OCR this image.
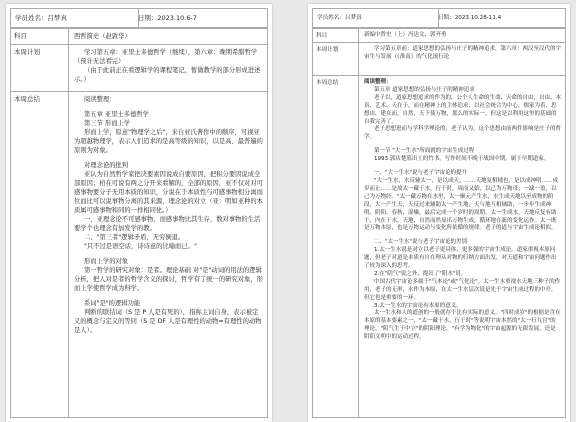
学员姓名：吕梦真	日期：2023.10.6-7
科目	西哲简史（赵敦华）
本周计划	学习第五章：亚里士多德哲学（继续），第六章：晚期希腊哲学（预计无法看完）

（由于此前正在看逻辑学的课程笔记，暂做教学的部分形成进述示。）

本周总结	阅读整理：

第五章 亚里士多德哲学

第三节 形而上学

形而上学，原意"物理学之后"，来自亚氏著作中的顺序，可视亚为超越物理学，表示人们追求的是高等级的知识，以是高、最普遍的原则为对象。

对理念论的批判

亚认为自然哲学家把决要素因说成自要原因，把积分要因说成全部原因；柏在可说有两之分开来看解的，全部的原因，亚不仅对对可感事物要分子无用本质的知识，分说在于本质性与可感事物相分离而位而比可以说事物分离的其来源，理念论的对立（亚：明如亚种的本质属可感事物和同的一样相同化。）

一、亚理念论不可感事物，而感事物比其生存，数对事物的生活要学个也理念有加发学的教。

二、"第三者"逻辑矛盾，无穷倒退。

"只不过是语空话，诗诗意的比喻而已。"

形而上学的对象

第一哲学的研究对象：是者。理论基础 对"是"动词的用法的逻辑分析，把人对是者的哲学含义的探讨，哲学有了统一的研究对象，形而上学使哲学成为科学。

系词"是"的逻辑功能

判断的联结词（S 是 P 人是有死的），指称主词自身，表示被定义的概念与定义的等同（S 是 DF 人是有理性的动物=有理性的动物是人）。

学员姓名：吕梦真	日期：2023.10.28-11.4
科目	新编中哲史（上）冯达文、郭齐勇
本周计划	学习第五章前：道家思想的弘扬与庄子的精神追求，第六章：两汉至汉代的宇宙生与发展（《淮南》的气化流行论

本周总结	阅读整理：

第五章 道家思想的弘扬与庄子的精神追求

老子以，道家思想追求的作为的，公个人生命的生命、天命的自由，自由、本真、艺术、天在于，而在精神上的主体追求；以社会统合为中心，儒家为着，思想由，建在而，自然，天下使万物，那么的实际一，但这是以利用这里的基础的自我完善了。

老子思想进而与学科学理论的，老子认为，这个思想由前两件影响是庄子的哲学。

第一节 "大一生水"所面就的宇宙生成过程

1993 郭店楚墓出土的竹书，写作时间不晚于战国中期，属于早期道家。

一、"大一生水"说与老子宇宙论的提升

"大一生水，水反辅太一，是以成天。……天地复相辅也，是以成神明……成岁而止……是故太一藏于水，行于时，周而又始，以己为万物母；一缺一盈，以己为万物经。"太一藏万物在水里，太一顺元产生水，水生成天地以至成物的阶段，大一产生天，天反过来辅助太一产生地，天与地互相辅助，一步步生成神明、阴阳、春秋、湿燥，最后完成一个岁时的周期。太一生成水，天地反复有助于，内在于水，天地、自然而然显出万物生成，循环地在新的变化运作。太一既是万物本原，也是万物运动与变化所依循的规律。老子的道与宇宙生成论相似。

二、"太一生水"说与老子宇宙论的差别

1.太一生水说是对立以老子更具体，更多强的宇宙生成论。道家重视本原问题，但老子对道是本质有自在理从对物的归纳方面出发，对天道和宇宙问题作出了较为深入的思考。

2.在"阴气"说之外，提出了"阳水"说。

中国古代宇宙论多属于"气本论"或"气化论"。太一生水重视水天地三种子的作用，老子的无形，水作为本原，在太一生水层次说是先于宇宙生成过程的中介，但它也是重要的一环。

3.太一生水的宇宙论有本原的意义。

太一生水和人的道创的一般就存于比有实际的意义。"四时成岁"的根据是含在本原的基本要素之一，"太一藏于水，行于时"等说明宇宙本然的"太一行九宫"的理论。"阴气生于中立"的阴阳理论，"有学为物化"的宇宙起源的无限发展，还是阴阳文明中的运动过程。
